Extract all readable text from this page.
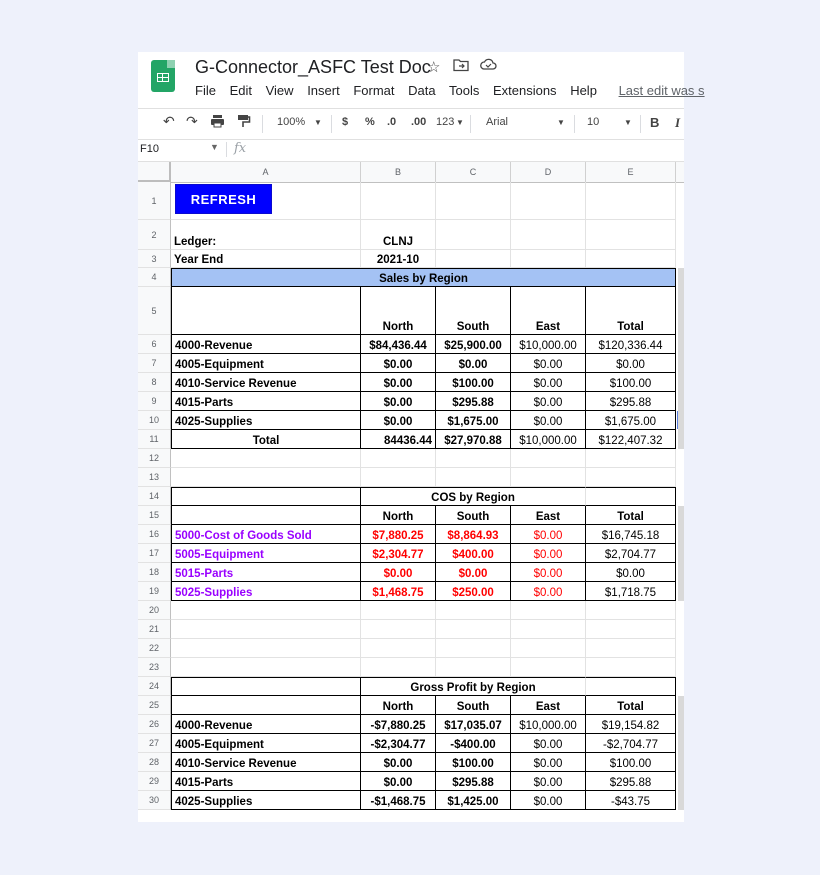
G-Connector_ASFC Test Doc
☆
File Edit View Insert Format Data Tools Extensions Help Last edit was s
↶ ↷	100% ▼ $ % .0 .00 123 ▼ Arial	▼ 10	▼ B I
F10	▼ fx
A	B	C	D	E
1
2
3
4
5
6
7
8
9
10
11
12
13
14
15
16
17
18
19
20
21
22
23
24
25
26
27
28
29
30
Ledger:	CLNJ
Year End	2021-10
North	South	East	Total
4000-Revenue	$84,436.44	$25,900.00	$10,000.00	$120,336.44
4005-Equipment	$0.00	$0.00	$0.00	$0.00
4010-Service Revenue	$0.00	$100.00	$0.00	$100.00
4015-Parts	$0.00	$295.88	$0.00	$295.88
4025-Supplies	$0.00	$1,675.00	$0.00	$1,675.00
Total	84436.44	$27,970.88	$10,000.00	$122,407.32
North	South	East	Total
5000-Cost of Goods Sold	$7,880.25	$8,864.93	$0.00	$16,745.18
5005-Equipment	$2,304.77	$400.00	$0.00	$2,704.77
5015-Parts	$0.00	$0.00	$0.00	$0.00
5025-Supplies	$1,468.75	$250.00	$0.00	$1,718.75
North	South	East	Total
4000-Revenue	-$7,880.25	$17,035.07	$10,000.00	$19,154.82
4005-Equipment	-$2,304.77	-$400.00	$0.00	-$2,704.77
4010-Service Revenue	$0.00	$100.00	$0.00	$100.00
4015-Parts	$0.00	$295.88	$0.00	$295.88
4025-Supplies	-$1,468.75	$1,425.00	$0.00	-$43.75
REFRESH
Sales by Region
COS by Region
Gross Profit by Region
